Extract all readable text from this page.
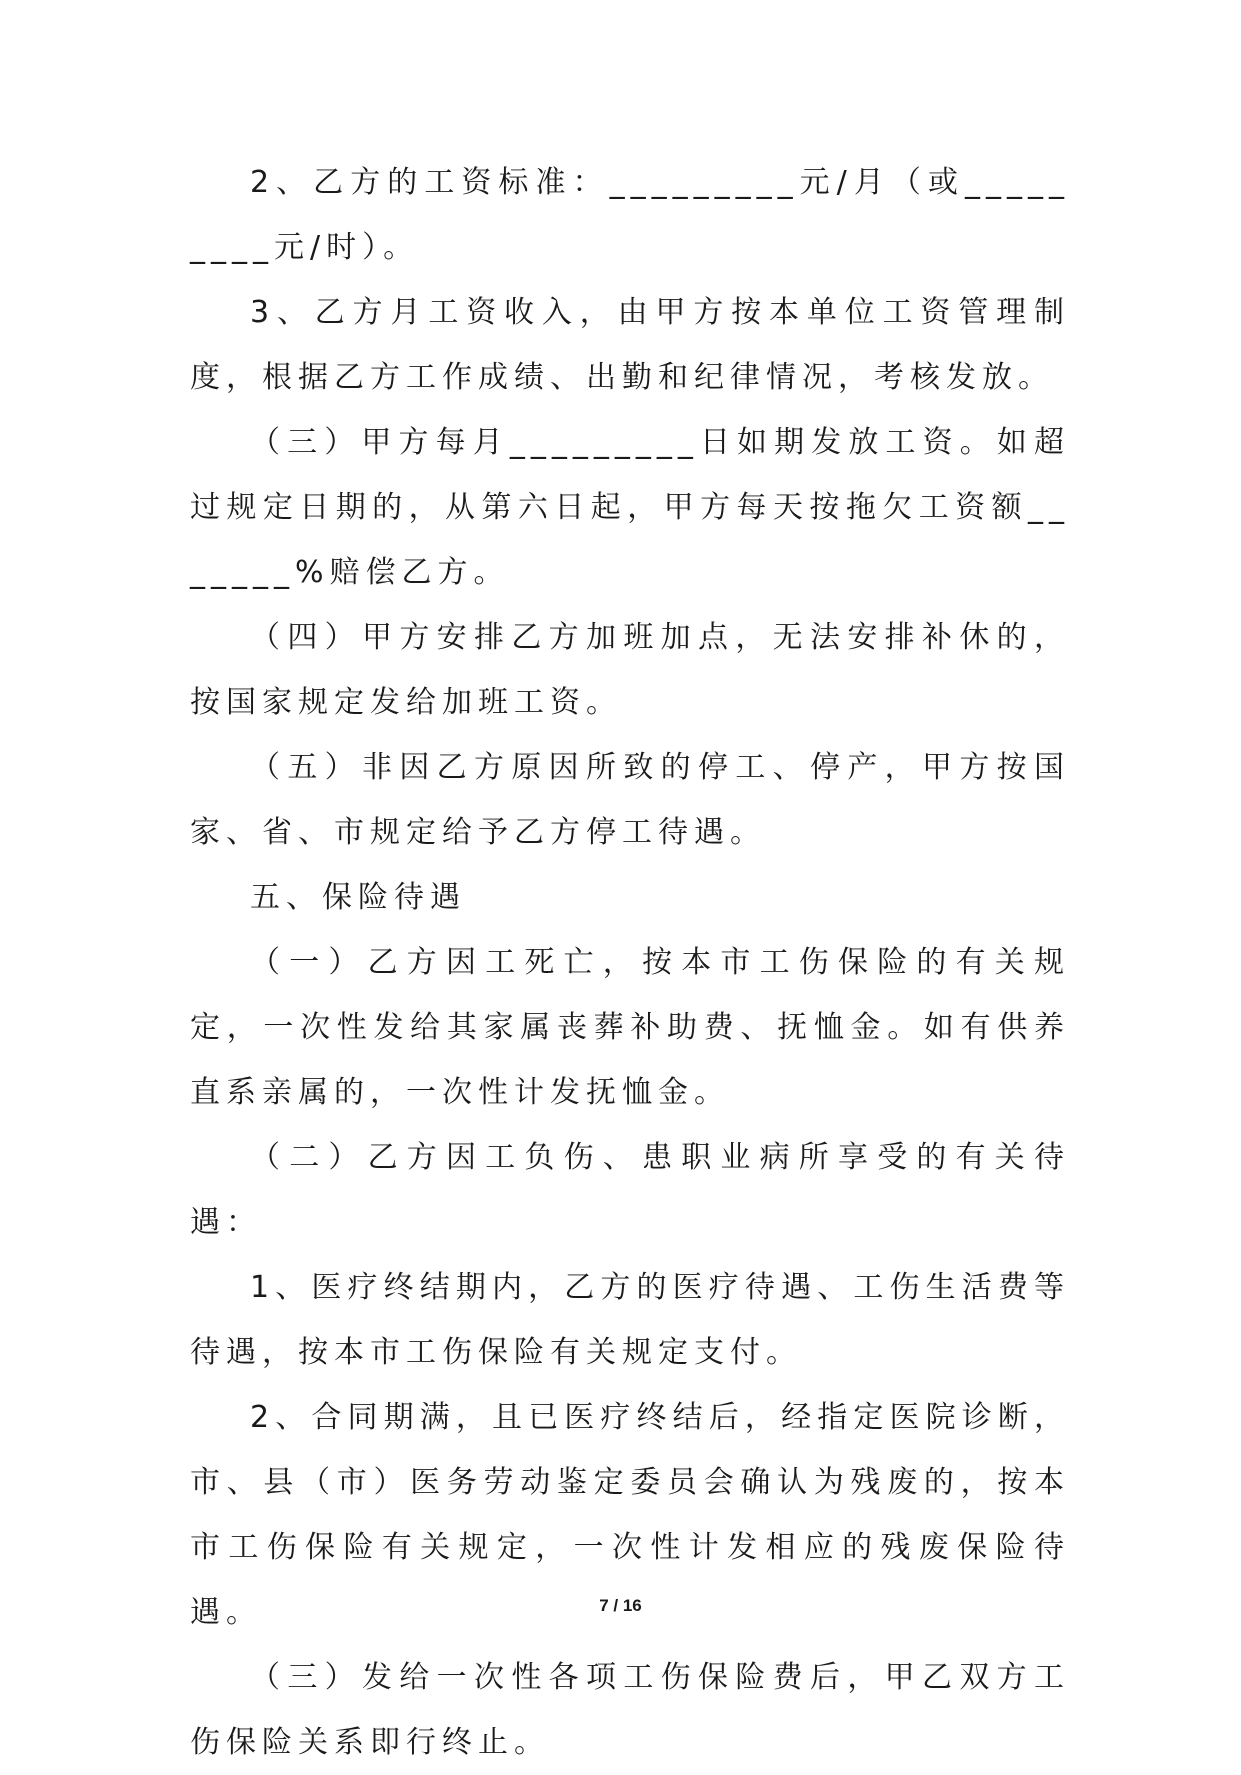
2、乙方的工资标准：_________元/月（或_________元/时）。

3、乙方月工资收入，由甲方按本单位工资管理制度，根据乙方工作成绩、出勤和纪律情况，考核发放。

（三）甲方每月_________日如期发放工资。如超过规定日期的，从第六日起，甲方每天按拖欠工资额_______%赔偿乙方。

（四）甲方安排乙方加班加点，无法安排补休的，按国家规定发给加班工资。

（五）非因乙方原因所致的停工、停产，甲方按国家、省、市规定给予乙方停工待遇。

五、保险待遇

（一）乙方因工死亡，按本市工伤保险的有关规定，一次性发给其家属丧葬补助费、抚恤金。如有供养直系亲属的，一次性计发抚恤金。

（二）乙方因工负伤、患职业病所享受的有关待遇：

1、医疗终结期内，乙方的医疗待遇、工伤生活费等待遇，按本市工伤保险有关规定支付。

2、合同期满，且已医疗终结后，经指定医院诊断，市、县（市）医务劳动鉴定委员会确认为残废的，按本市工伤保险有关规定，一次性计发相应的残废保险待遇。

（三）发给一次性各项工伤保险费后，甲乙双方工伤保险关系即行终止。

7 / 16
